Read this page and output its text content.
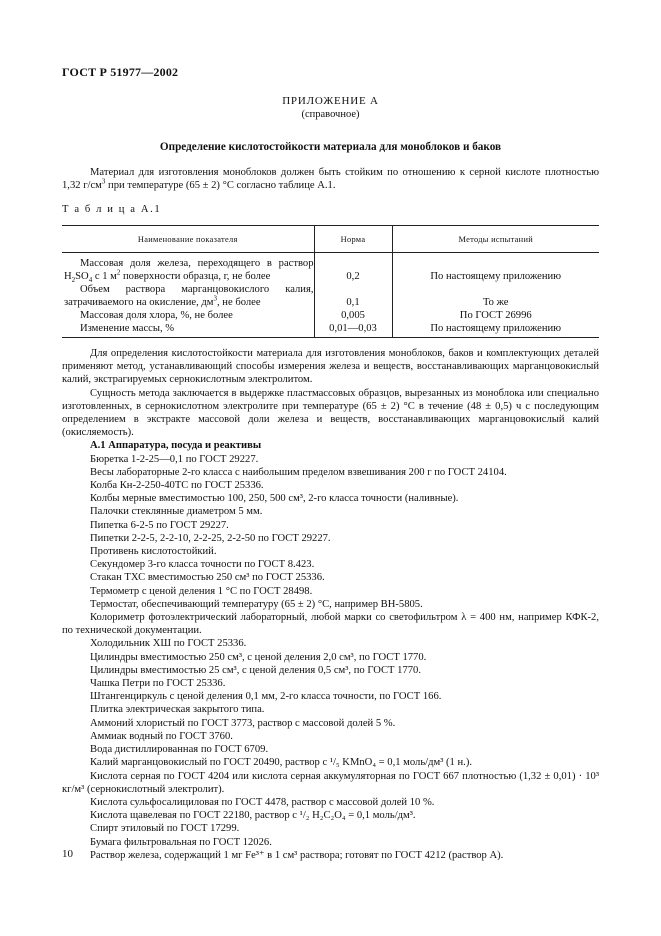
ГОСТ Р 51977—2002
ПРИЛОЖЕНИЕ А
(справочное)
Определение кислотостойкости материала для моноблоков и баков

Материал для изготовления моноблоков должен быть стойким по отношению к серной кислоте плотностью 1,32 $г/см^3$ при температуре (65 ± 2) °С согласно таблице А.1.

Т а б л и ц а А.1
Наименование показателя	Норма	Методы испытаний

Массовая доля железа, переходящего в раствор $H_2SO_4$ с 1 $м^2$ поверхности образца, г, не более	0,2	По настоящему приложению

Объем раствора марганцовокислого калия, затрачиваемого на окисление, $дм^3$, не более	0,1	То же
Массовая доля хлора, %, не более	0,005	По ГОСТ 26996
Изменение массы, %	0,01—0,03	По настоящему приложению

Для определения кислотостойкости материала для изготовления моноблоков, баков и комплектующих деталей применяют метод, устанавливающий способы измерения железа и веществ, восстанавливающих марганцовокислый калий, экстрагируемых сернокислотным электролитом.

Сущность метода заключается в выдержке пластмассовых образцов, вырезанных из моноблока или специально изготовленных, в сернокислотном электролите при температуре (65 ± 2) °С в течение (48 ± 0,5) ч с последующим определением в экстракте массовой доли железа и веществ, восстанавливающих марганцовокислый калий (окисляемость).

А.1 Аппаратура, посуда и реактивы

Бюретка 1-2-25—0,1 по ГОСТ 29227.

Весы лабораторные 2-го класса с наибольшим пределом взвешивания 200 г по ГОСТ 24104.

Колба Кн-2-250-40ТС по ГОСТ 25336.

Колбы мерные вместимостью 100, 250, 500 см³, 2-го класса точности (наливные).

Палочки стеклянные диаметром 5 мм.

Пипетка 6-2-5 по ГОСТ 29227.

Пипетки 2-2-5, 2-2-10, 2-2-25, 2-2-50 по ГОСТ 29227.

Противень кислотостойкий.

Секундомер 3-го класса точности по ГОСТ 8.423.

Стакан ТХС вместимостью 250 см³ по ГОСТ 25336.

Термометр с ценой деления 1 °С по ГОСТ 28498.

Термостат, обеспечивающий температуру (65 ± 2) °С, например ВН-5805.

Колориметр фотоэлектрический лабораторный, любой марки со светофильтром λ = 400 нм, например КФК-2, по технической документации.

Холодильник ХШ по ГОСТ 25336.

Цилиндры вместимостью 250 см³, с ценой деления 2,0 см³, по ГОСТ 1770.

Цилиндры вместимостью 25 см³, с ценой деления 0,5 см³, по ГОСТ 1770.

Чашка Петри по ГОСТ 25336.

Штангенциркуль с ценой деления 0,1 мм, 2-го класса точности, по ГОСТ 166.

Плитка электрическая закрытого типа.

Аммоний хлористый по ГОСТ 3773, раствор с массовой долей 5 %.

Аммиак водный по ГОСТ 3760.

Вода дистиллированная по ГОСТ 6709.

Калий марганцовокислый по ГОСТ 20490, раствор c ¹/₅ KMnO₄ = 0,1 моль/дм³ (1 н.).

Кислота серная по ГОСТ 4204 или кислота серная аккумуляторная по ГОСТ 667 плотностью (1,32 ± 0,01) · 10³ кг/м³ (сернокислотный электролит).

Кислота сульфосалициловая по ГОСТ 4478, раствор с массовой долей 10 %.

Кислота щавелевая по ГОСТ 22180, раствор c ¹/₂ H₂C₂O₄ = 0,1 моль/дм³.

Спирт этиловый по ГОСТ 17299.

Бумага фильтровальная по ГОСТ 12026.

Раствор железа, содержащий 1 мг Fe³⁺ в 1 см³ раствора; готовят по ГОСТ 4212 (раствор А).

10
